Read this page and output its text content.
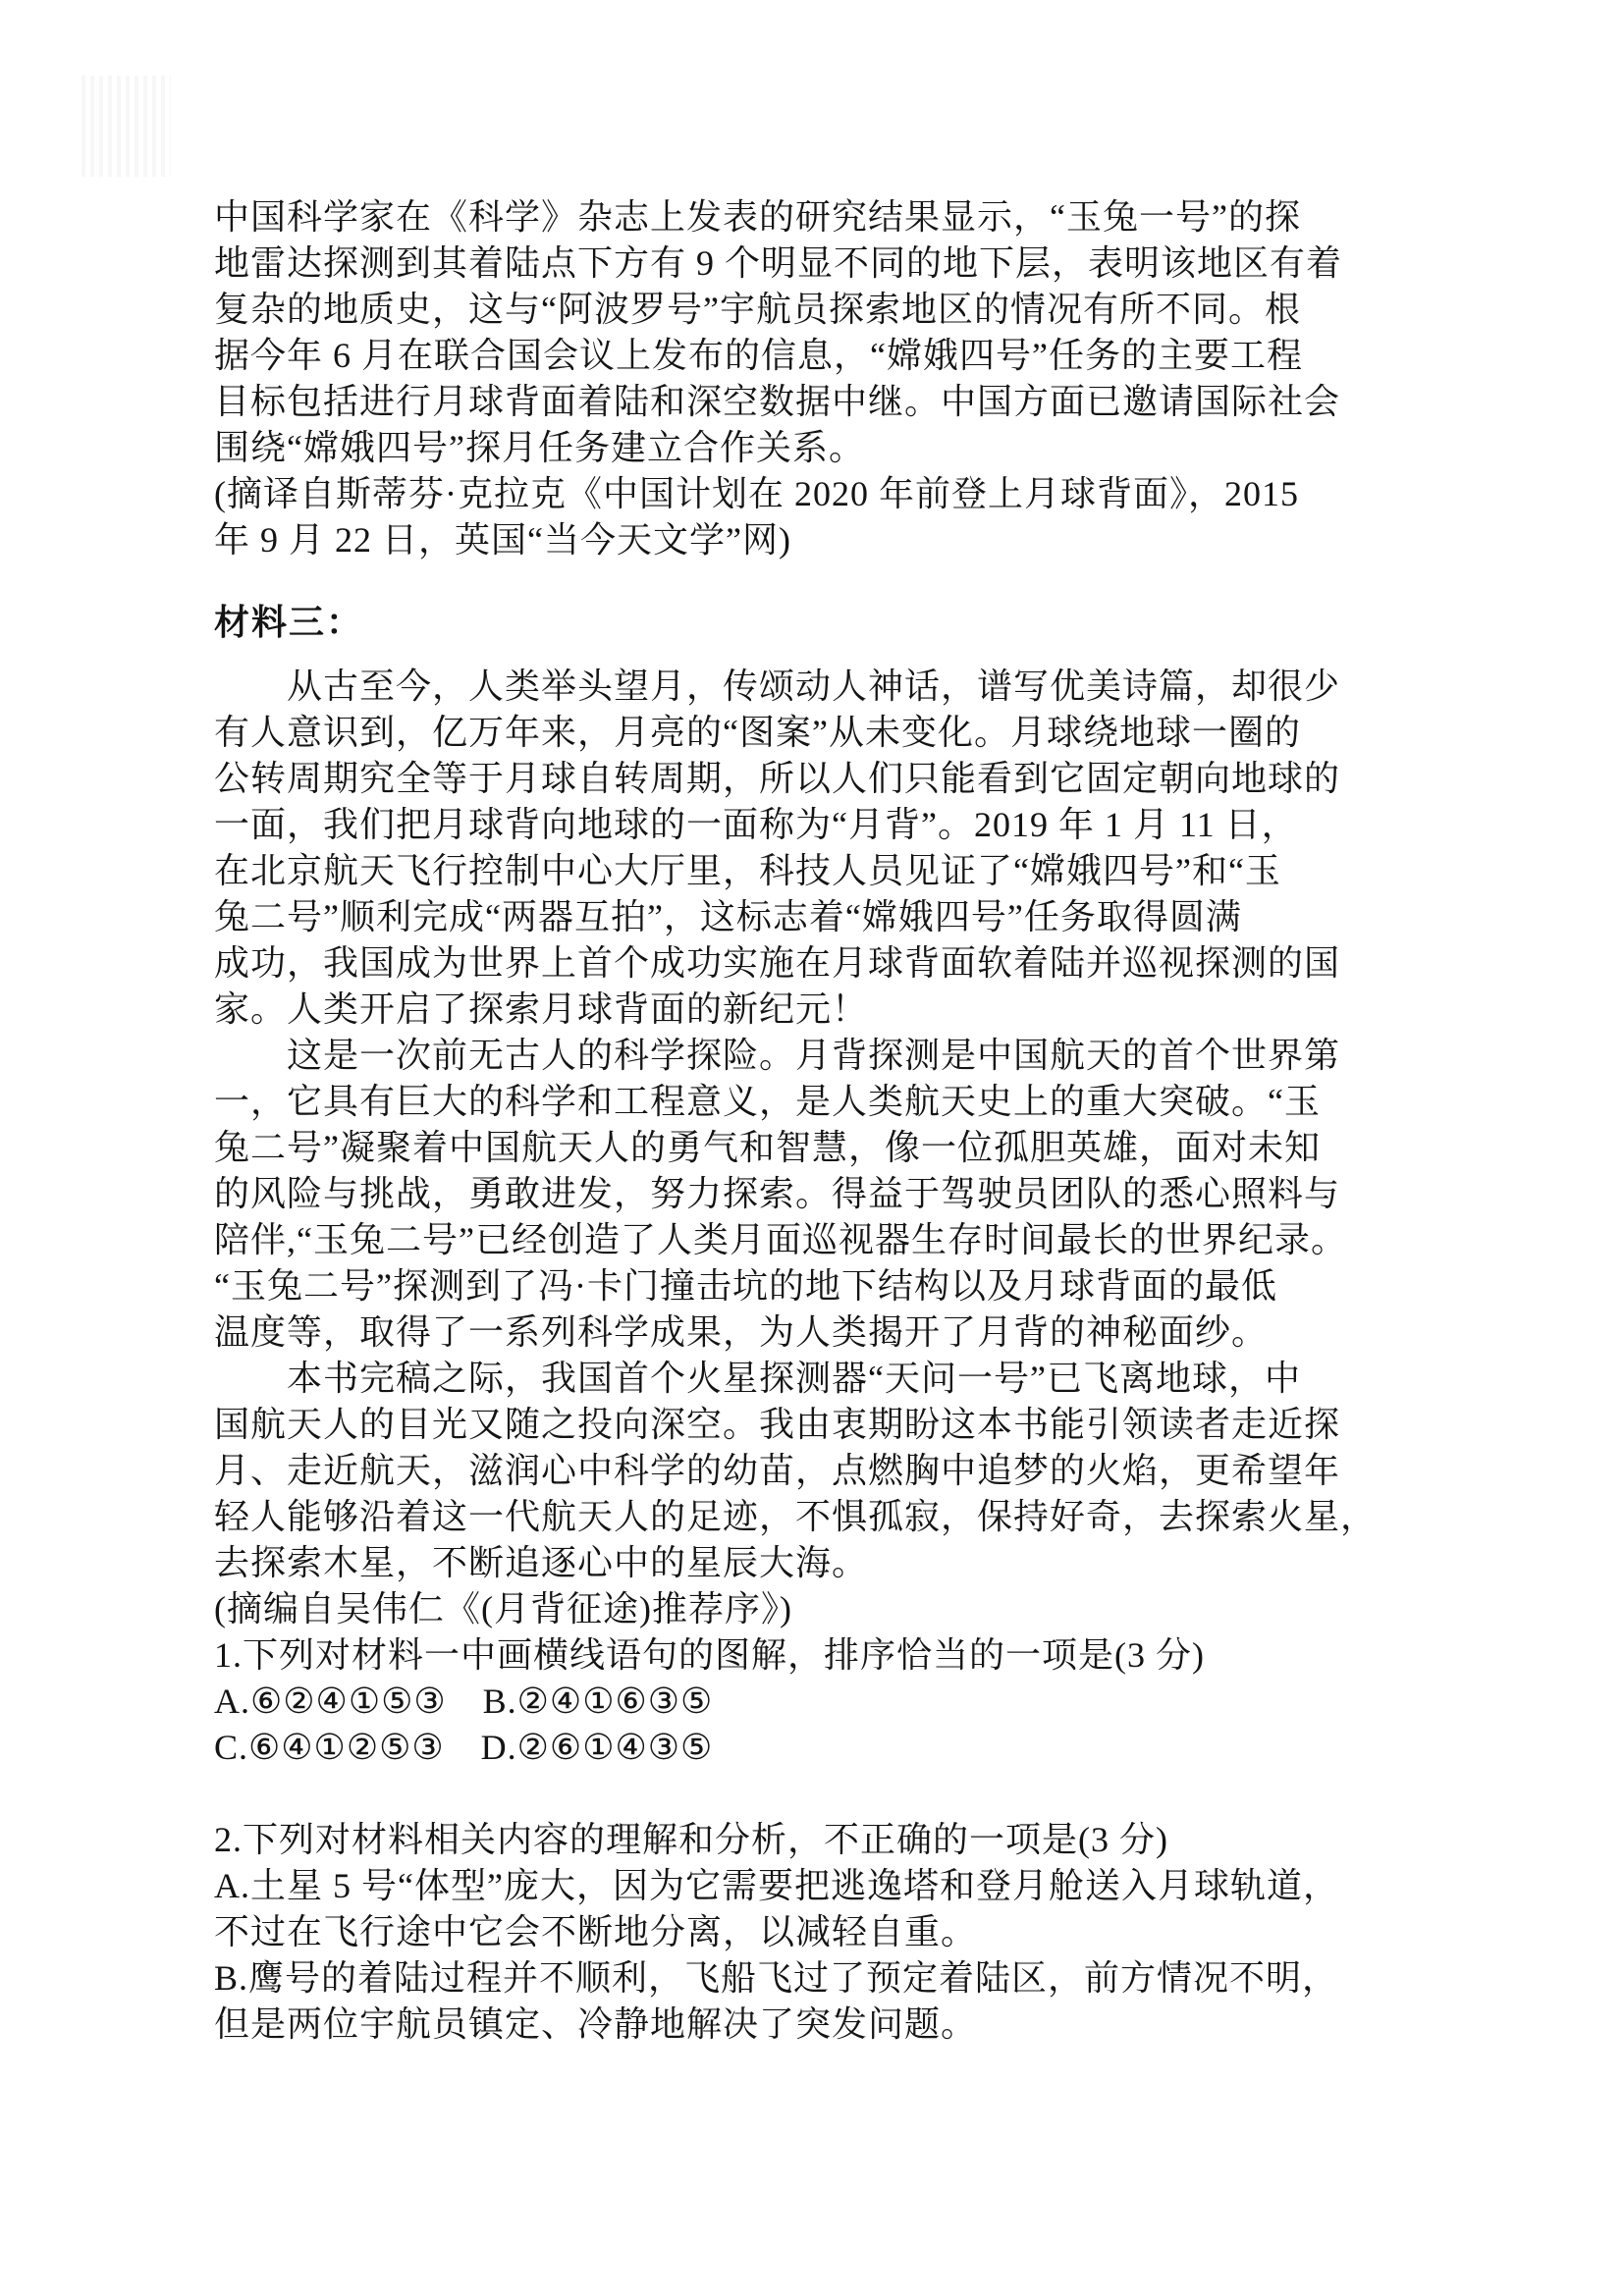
中国科学家在《科学》杂志上发表的研究结果显示，“玉兔一号”的探
地雷达探测到其着陆点下方有 9 个明显不同的地下层，表明该地区有着
复杂的地质史，这与“阿波罗号”宇航员探索地区的情况有所不同。根
据今年 6 月在联合国会议上发布的信息，“嫦娥四号”任务的主要工程
目标包括进行月球背面着陆和深空数据中继。中国方面已邀请国际社会
围绕“嫦娥四号”探月任务建立合作关系。
(摘译自斯蒂芬·克拉克《中国计划在 2020 年前登上月球背面》，2015
年 9 月 22 日，英国“当今天文学”网)
材料三：
　　从古至今，人类举头望月，传颂动人神话，谱写优美诗篇，却很少
有人意识到，亿万年来，月亮的“图案”从未变化。月球绕地球一圈的
公转周期究全等于月球自转周期，所以人们只能看到它固定朝向地球的
一面，我们把月球背向地球的一面称为“月背”。2019 年 1 月 11 日，
在北京航天飞行控制中心大厅里，科技人员见证了“嫦娥四号”和“玉
兔二号”顺利完成“两器互拍”，这标志着“嫦娥四号”任务取得圆满
成功，我国成为世界上首个成功实施在月球背面软着陆并巡视探测的国
家。人类开启了探索月球背面的新纪元！
　　这是一次前无古人的科学探险。月背探测是中国航天的首个世界第
一，它具有巨大的科学和工程意义，是人类航天史上的重大突破。“玉
兔二号”凝聚着中国航天人的勇气和智慧，像一位孤胆英雄，面对未知
的风险与挑战，勇敢进发，努力探索。得益于驾驶员团队的悉心照料与
陪伴,“玉兔二号”已经创造了人类月面巡视器生存时间最长的世界纪录。
“玉兔二号”探测到了冯·卡门撞击坑的地下结构以及月球背面的最低
温度等，取得了一系列科学成果，为人类揭开了月背的神秘面纱。
　　本书完稿之际，我国首个火星探测器“天问一号”已飞离地球，中
国航天人的目光又随之投向深空。我由衷期盼这本书能引领读者走近探
月、走近航天，滋润心中科学的幼苗，点燃胸中追梦的火焰，更希望年
轻人能够沿着这一代航天人的足迹，不惧孤寂，保持好奇，去探索火星，
去探索木星，不断追逐心中的星辰大海。
(摘编自吴伟仁《(月背征途)推荐序》)
1.下列对材料一中画横线语句的图解，排序恰当的一项是(3 分)
A.⑥②④①⑤③　B.②④①⑥③⑤
C.⑥④①②⑤③　D.②⑥①④③⑤
2.下列对材料相关内容的理解和分析，不正确的一项是(3 分)
A.土星 5 号“体型”庞大，因为它需要把逃逸塔和登月舱送入月球轨道，
不过在飞行途中它会不断地分离，以减轻自重。
B.鹰号的着陆过程并不顺利，飞船飞过了预定着陆区，前方情况不明，
但是两位宇航员镇定、冷静地解决了突发问题。
